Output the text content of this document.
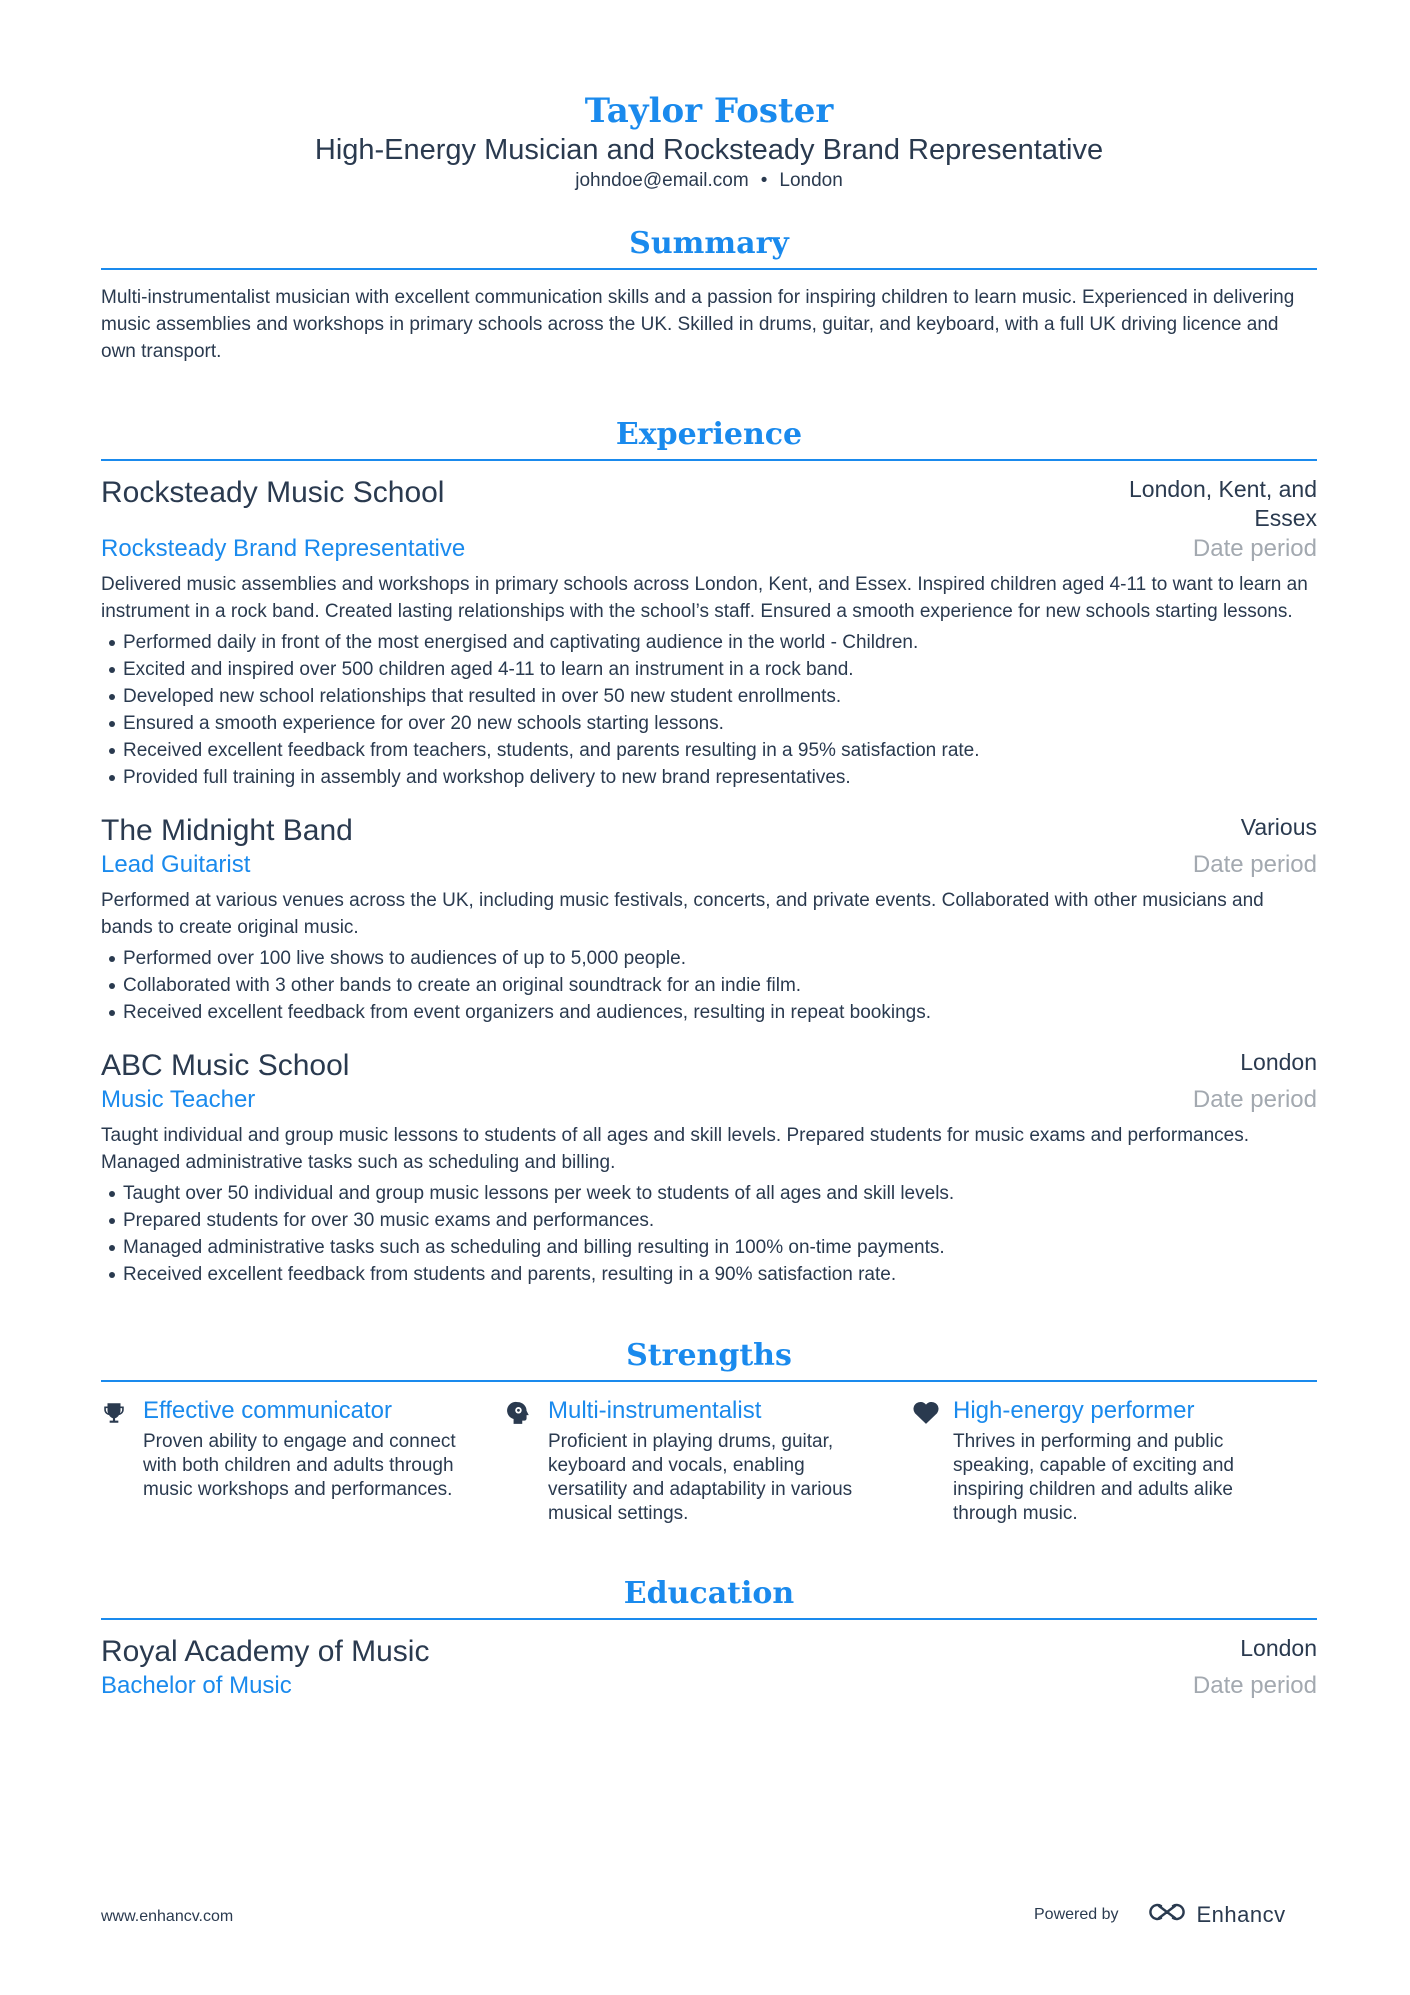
Taylor Foster
High-Energy Musician and Rocksteady Brand Representative
johndoe@email.com • London
Summary
Multi-instrumentalist musician with excellent communication skills and a passion for inspiring children to learn music. Experienced in delivering music assemblies and workshops in primary schools across the UK. Skilled in drums, guitar, and keyboard, with a full UK driving licence and own transport.
Experience
Rocksteady Music School	London, Kent, and Essex
Rocksteady Brand Representative	Date period
Delivered music assemblies and workshops in primary schools across London, Kent, and Essex. Inspired children aged 4-11 to want to learn an instrument in a rock band. Created lasting relationships with the school’s staff. Ensured a smooth experience for new schools starting lessons.
Performed daily in front of the most energised and captivating audience in the world - Children.
Excited and inspired over 500 children aged 4-11 to learn an instrument in a rock band.
Developed new school relationships that resulted in over 50 new student enrollments.
Ensured a smooth experience for over 20 new schools starting lessons.
Received excellent feedback from teachers, students, and parents resulting in a 95% satisfaction rate.
Provided full training in assembly and workshop delivery to new brand representatives.
The Midnight Band	Various
Lead Guitarist	Date period
Performed at various venues across the UK, including music festivals, concerts, and private events. Collaborated with other musicians and bands to create original music.
Performed over 100 live shows to audiences of up to 5,000 people.
Collaborated with 3 other bands to create an original soundtrack for an indie film.
Received excellent feedback from event organizers and audiences, resulting in repeat bookings.
ABC Music School	London
Music Teacher	Date period
Taught individual and group music lessons to students of all ages and skill levels. Prepared students for music exams and performances. Managed administrative tasks such as scheduling and billing.
Taught over 50 individual and group music lessons per week to students of all ages and skill levels.
Prepared students for over 30 music exams and performances.
Managed administrative tasks such as scheduling and billing resulting in 100% on-time payments.
Received excellent feedback from students and parents, resulting in a 90% satisfaction rate.
Strengths
Effective communicator
Proven ability to engage and connect with both children and adults through music workshops and performances.
Multi-instrumentalist
Proficient in playing drums, guitar, keyboard and vocals, enabling versatility and adaptability in various musical settings.
High-energy performer
Thrives in performing and public speaking, capable of exciting and inspiring children and adults alike through music.
Education
Royal Academy of Music	London
Bachelor of Music	Date period
www.enhancv.com	Powered by	Enhancv
